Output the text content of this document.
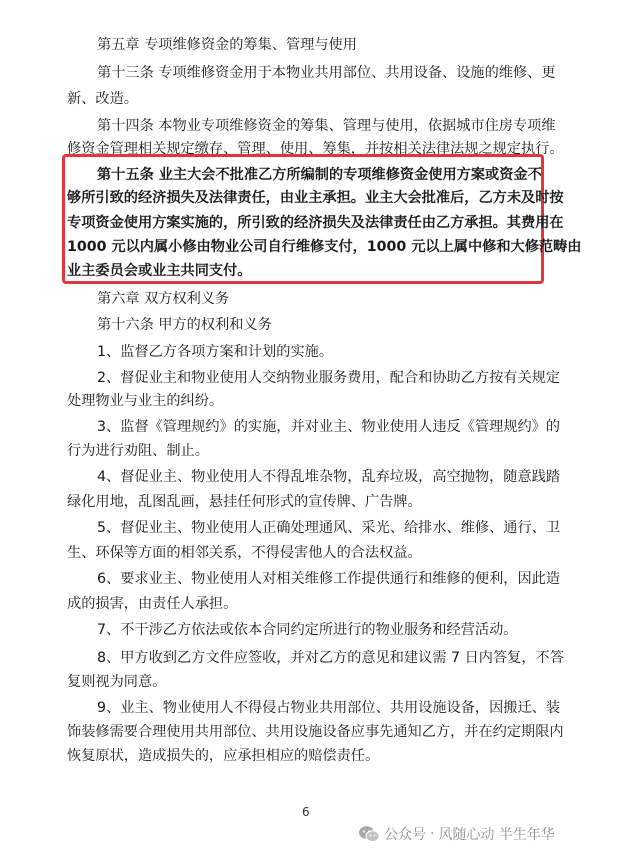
第五章 专项维修资金的筹集、管理与使用
第十三条 专项维修资金用于本物业共用部位、共用设备、设施的维修、更
新、改造。
第十四条 本物业专项维修资金的筹集、管理与使用，依据城市住房专项维
修资金管理相关规定缴存、管理、使用、筹集，并按相关法律法规之规定执行。
第十五条 业主大会不批准乙方所编制的专项维修资金使用方案或资金不
够所引致的经济损失及法律责任，由业主承担。业主大会批准后，乙方未及时按
专项资金使用方案实施的，所引致的经济损失及法律责任由乙方承担。其费用在
1000 元以内属小修由物业公司自行维修支付，1000 元以上属中修和大修范畴由
业主委员会或业主共同支付。
第六章 双方权利义务
第十六条 甲方的权利和义务
1、监督乙方各项方案和计划的实施。
2、督促业主和物业使用人交纳物业服务费用，配合和协助乙方按有关规定
处理物业与业主的纠纷。
3、监督《管理规约》的实施，并对业主、物业使用人违反《管理规约》的
行为进行劝阻、制止。
4、督促业主、物业使用人不得乱堆杂物，乱弃垃圾，高空抛物，随意践踏
绿化用地，乱图乱画，悬挂任何形式的宣传牌、广告牌。
5、督促业主、物业使用人正确处理通风、采光、给排水、维修、通行、卫
生、环保等方面的相邻关系，不得侵害他人的合法权益。
6、要求业主、物业使用人对相关维修工作提供通行和维修的便利，因此造
成的损害，由责任人承担。
7、不干涉乙方依法或依本合同约定所进行的物业服务和经营活动。
8、甲方收到乙方文件应签收，并对乙方的意见和建议需 7 日内答复，不答
复则视为同意。
9、业主、物业使用人不得侵占物业共用部位、共用设施设备，因搬迁、装
饰装修需要合理使用共用部位、共用设施设备应事先通知乙方，并在约定期限内
恢复原状，造成损失的，应承担相应的赔偿责任。
6
公众号 · 风随心动 半生年华
